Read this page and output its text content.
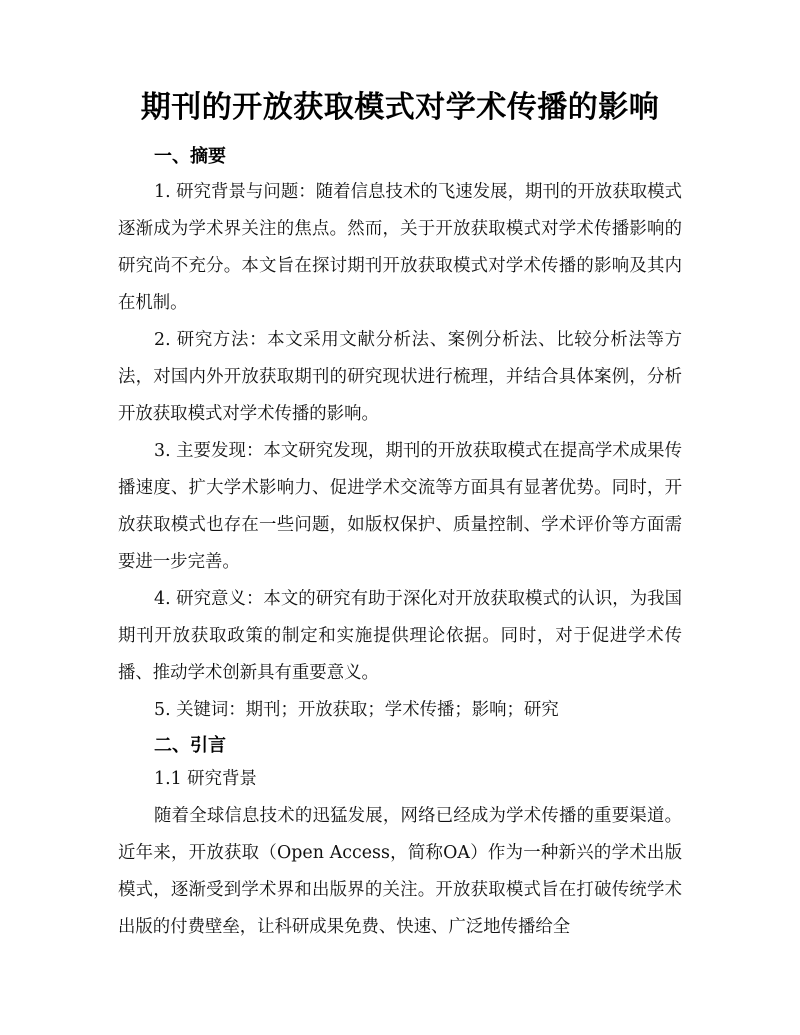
期刊的开放获取模式对学术传播的影响
一、摘要

1. 研究背景与问题：随着信息技术的飞速发展，期刊的开放获取模式逐渐成为学术界关注的焦点。然而，关于开放获取模式对学术传播影响的研究尚不充分。本文旨在探讨期刊开放获取模式对学术传播的影响及其内在机制。

2. 研究方法：本文采用文献分析法、案例分析法、比较分析法等方法，对国内外开放获取期刊的研究现状进行梳理，并结合具体案例，分析开放获取模式对学术传播的影响。

3. 主要发现：本文研究发现，期刊的开放获取模式在提高学术成果传播速度、扩大学术影响力、促进学术交流等方面具有显著优势。同时，开放获取模式也存在一些问题，如版权保护、质量控制、学术评价等方面需要进一步完善。

4. 研究意义：本文的研究有助于深化对开放获取模式的认识，为我国期刊开放获取政策的制定和实施提供理论依据。同时，对于促进学术传播、推动学术创新具有重要意义。

5. 关键词：期刊；开放获取；学术传播；影响；研究

二、引言

1.1 研究背景

随着全球信息技术的迅猛发展，网络已经成为学术传播的重要渠道。近年来，开放获取（Open Access，简称OA）作为一种新兴的学术出版模式，逐渐受到学术界和出版界的关注。开放获取模式旨在打破传统学术出版的付费壁垒，让科研成果免费、快速、广泛地传播给全
